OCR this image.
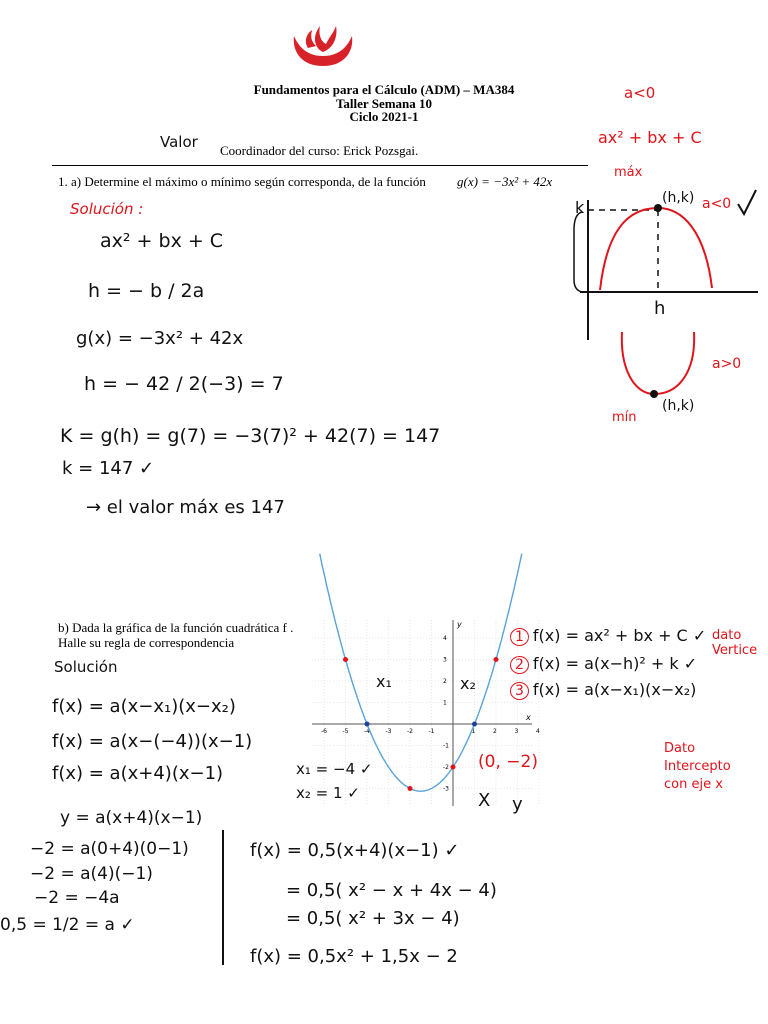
Fundamentos para el Cálculo (ADM) – MA384
Taller Semana 10
Ciclo 2021-1
Coordinador del curso: Erick Pozsgai.
Valor
1. a) Determine el máximo o mínimo según corresponda, de la función g(x) = −3x² + 42x
Solución :
ax² + bx + C
h = − b / 2a
g(x) = −3x² + 42x
h = − 42 / 2(−3) = 7
K = g(h) = g(7) = −3(7)² + 42(7) = 147
k = 147 ✓
→ el valor máx es 147
a<0
ax² + bx + C
máx
(h,k) a<0
k
h
a>0
mín
(h,k)
b) Dada la gráfica de la función cuadrática f .
Halle su regla de correspondencia
Solución
f(x) = a(x−x₁)(x−x₂)
f(x) = a(x−(−4))(x−1)
f(x) = a(x+4)(x−1)
y = a(x+4)(x−1)
−2 = a(0+4)(0−1)
−2 = a(4)(−1)
−2 = −4a
0,5 = 1/2 = a ✓
f(x) = 0,5(x+4)(x−1) ✓
= 0,5( x² − x + 4x − 4)
= 0,5( x² + 3x − 4)
f(x) = 0,5x² + 1,5x − 2
1 f(x) = ax² + bx + C ✓
2 f(x) = a(x−h)² + k ✓
3 f(x) = a(x−x₁)(x−x₂)
dato Vertice
Dato Intercepto con eje x
x
y
-6	-5	-4	-3	-2	-1	1	2	3	4
4
3
2
1
-1
-2
-3
x₁	x₂
x₁ = −4 ✓
x₂ = 1 ✓
(0, −2)
X y
